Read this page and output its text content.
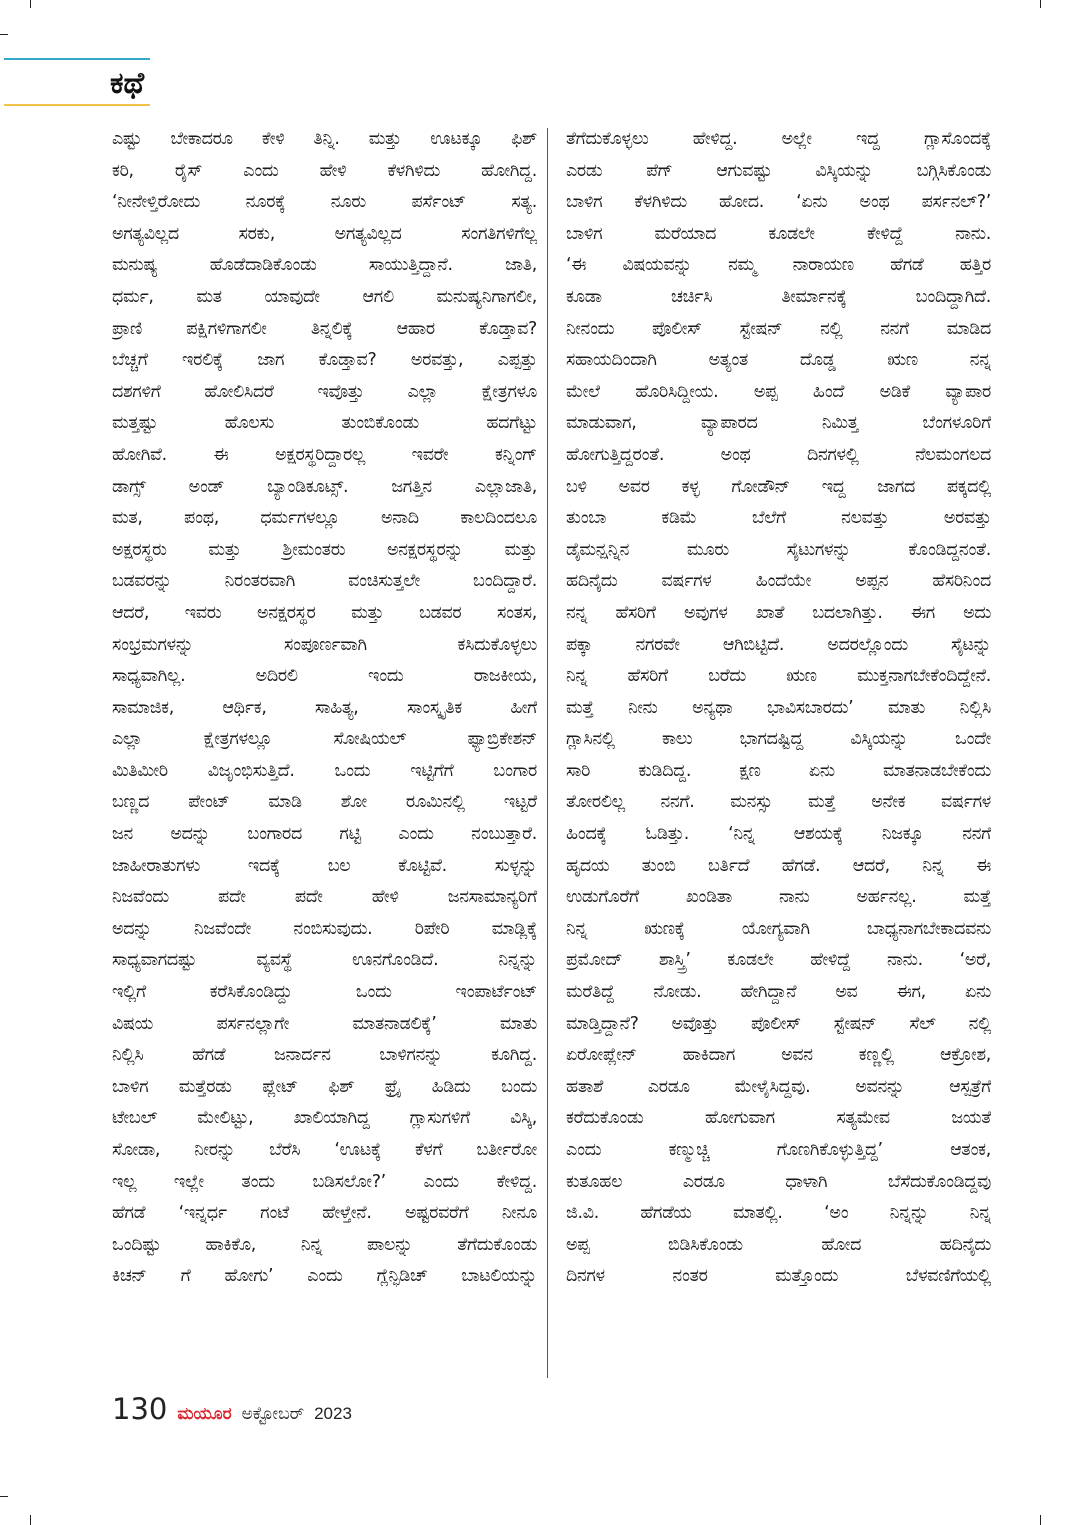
ಕಥೆ
ಎಷ್ಟು ಬೇಕಾದರೂ ಕೇಳಿ ತಿನ್ನಿ. ಮತ್ತು ಊಟಕ್ಕೂ ಫಿಶ್
ಕರಿ, ರೈಸ್ ಎಂದು ಹೇಳಿ ಕೆಳಗಿಳಿದು ಹೋಗಿದ್ದ.
‘ನೀನೇಳ್ತಿರೋದು ನೂರಕ್ಕೆ ನೂರು ಪರ್ಸೆಂಟ್ ಸತ್ಯ.
ಅಗತ್ಯವಿಲ್ಲದ ಸರಕು, ಅಗತ್ಯವಿಲ್ಲದ ಸಂಗತಿಗಳಿಗೆಲ್ಲ
ಮನುಷ್ಯ ಹೊಡೆದಾಡಿಕೊಂಡು ಸಾಯುತ್ತಿದ್ದಾನೆ. ಜಾತಿ,
ಧರ್ಮ, ಮತ ಯಾವುದೇ ಆಗಲಿ ಮನುಷ್ಯನಿಗಾಗಲೀ,
ಪ್ರಾಣಿ ಪಕ್ಷಿಗಳಿಗಾಗಲೀ ತಿನ್ನಲಿಕ್ಕೆ ಆಹಾರ ಕೊಡ್ತಾವ?
ಬೆಚ್ಚಗೆ ಇರಲಿಕ್ಕೆ ಜಾಗ ಕೊಡ್ತಾವ? ಅರವತ್ತು, ಎಪ್ಪತ್ತು
ದಶಗಳಿಗೆ ಹೋಲಿಸಿದರೆ ಇವೊತ್ತು ಎಲ್ಲಾ ಕ್ಷೇತ್ರಗಳೂ
ಮತ್ತಷ್ಟು ಹೊಲಸು ತುಂಬಿಕೊಂಡು ಹದಗೆಟ್ಟು
ಹೋಗಿವೆ. ಈ ಅಕ್ಷರಸ್ಥರಿದ್ದಾರಲ್ಲ ಇವರೇ ಕನ್ನಿಂಗ್
ಡಾಗ್ಸ್ ಅಂಡ್ ಬ್ಯಾಂಡಿಕೂಟ್ಸ್. ಜಗತ್ತಿನ ಎಲ್ಲಾಜಾತಿ,
ಮತ, ಪಂಥ, ಧರ್ಮಗಳಲ್ಲೂ ಅನಾದಿ ಕಾಲದಿಂದಲೂ
ಅಕ್ಷರಸ್ಥರು ಮತ್ತು ಶ್ರೀಮಂತರು ಅನಕ್ಷರಸ್ಥರನ್ನು ಮತ್ತು
ಬಡವರನ್ನು ನಿರಂತರವಾಗಿ ವಂಚಿಸುತ್ತಲೇ ಬಂದಿದ್ದಾರೆ.
ಆದರೆ, ಇವರು ಅನಕ್ಷರಸ್ಥರ ಮತ್ತು ಬಡವರ ಸಂತಸ,
ಸಂಭ್ರಮಗಳನ್ನು ಸಂಪೂರ್ಣವಾಗಿ ಕಸಿದುಕೊಳ್ಳಲು
ಸಾಧ್ಯವಾಗಿಲ್ಲ. ಅದಿರಲಿ ಇಂದು ರಾಜಕೀಯ,
ಸಾಮಾಜಿಕ, ಆರ್ಥಿಕ, ಸಾಹಿತ್ಯ, ಸಾಂಸ್ಕೃತಿಕ ಹೀಗೆ
ಎಲ್ಲಾ ಕ್ಷೇತ್ರಗಳಲ್ಲೂ ಸೋಷಿಯಲ್ ಫ್ಯಾಬ್ರಿಕೇಶನ್
ಮಿತಿಮೀರಿ ವಿಜೃಂಭಿಸುತ್ತಿದೆ. ಒಂದು ಇಟ್ಟಿಗೆಗೆ ಬಂಗಾರ
ಬಣ್ಣದ ಪೇಂಟ್ ಮಾಡಿ ಶೋ ರೂಮಿನಲ್ಲಿ ಇಟ್ಟರೆ
ಜನ ಅದನ್ನು ಬಂಗಾರದ ಗಟ್ಟಿ ಎಂದು ನಂಬುತ್ತಾರೆ.
ಜಾಹೀರಾತುಗಳು ಇದಕ್ಕೆ ಬಲ ಕೊಟ್ಟಿವೆ. ಸುಳ್ಳನ್ನು
ನಿಜವೆಂದು ಪದೇ ಪದೇ ಹೇಳಿ ಜನಸಾಮಾನ್ಯರಿಗೆ
ಅದನ್ನು ನಿಜವೆಂದೇ ನಂಬಿಸುವುದು. ರಿಪೇರಿ ಮಾಡ್ಲಿಕ್ಕೆ
ಸಾಧ್ಯವಾಗದಷ್ಟು ವ್ಯವಸ್ಥೆ ಊನಗೊಂಡಿದೆ. ನಿನ್ನನ್ನು
ಇಲ್ಲಿಗೆ ಕರೆಸಿಕೊಂಡಿದ್ದು ಒಂದು ಇಂಪಾರ್ಟೆಂಟ್
ವಿಷಯ ಪರ್ಸನಲ್ಲಾಗೇ ಮಾತನಾಡಲಿಕ್ಕೆ’ ಮಾತು
ನಿಲ್ಲಿಸಿ ಹೆಗಡೆ ಜನಾರ್ದನ ಬಾಳಿಗನನ್ನು ಕೂಗಿದ್ದ.
ಬಾಳಿಗ ಮತ್ತೆರಡು ಪ್ಲೇಟ್ ಫಿಶ್ ಫ್ರೈ ಹಿಡಿದು ಬಂದು
ಟೇಬಲ್ ಮೇಲಿಟ್ಟು, ಖಾಲಿಯಾಗಿದ್ದ ಗ್ಲಾಸುಗಳಿಗೆ ವಿಸ್ಕಿ,
ಸೋಡಾ, ನೀರನ್ನು ಬೆರೆಸಿ ‘ಊಟಕ್ಕೆ ಕೆಳಗೆ ಬರ್ತೀರೋ
ಇಲ್ಲ ಇಲ್ಲೇ ತಂದು ಬಡಿಸಲೋ?’ ಎಂದು ಕೇಳಿದ್ದ.
ಹೆಗಡೆ ‘ಇನ್ನರ್ಧ ಗಂಟೆ ಹೇಳ್ತೇನೆ. ಅಷ್ಟರವರೆಗೆ ನೀನೂ
ಒಂದಿಷ್ಟು ಹಾಕಿಕೊ, ನಿನ್ನ ಪಾಲನ್ನು ತೆಗೆದುಕೊಂಡು
ಕಿಚನ್ ಗೆ ಹೋಗು’ ಎಂದು ಗ್ಲೆನ್ಫಿಡಿಚ್ ಬಾಟಲಿಯನ್ನು
ತೆಗೆದುಕೊಳ್ಳಲು ಹೇಳಿದ್ದ. ಅಲ್ಲೇ ಇದ್ದ ಗ್ಲಾಸೊಂದಕ್ಕೆ
ಎರಡು ಪೆಗ್ ಆಗುವಷ್ಟು ವಿಸ್ಕಿಯನ್ನು ಬಗ್ಗಿಸಿಕೊಂಡು
ಬಾಳಿಗ ಕೆಳಗಿಳಿದು ಹೋದ. ‘ಏನು ಅಂಥ ಪರ್ಸನಲ್?’
ಬಾಳಿಗ ಮರೆಯಾದ ಕೂಡಲೇ ಕೇಳಿದ್ದೆ ನಾನು.
‘ಈ ವಿಷಯವನ್ನು ನಮ್ಮ ನಾರಾಯಣ ಹೆಗಡೆ ಹತ್ತಿರ
ಕೂಡಾ ಚರ್ಚಿಸಿ ತೀರ್ಮಾನಕ್ಕೆ ಬಂದಿದ್ದಾಗಿದೆ.
ನೀನಂದು ಪೊಲೀಸ್ ಸ್ಟೇಷನ್ ನಲ್ಲಿ ನನಗೆ ಮಾಡಿದ
ಸಹಾಯದಿಂದಾಗಿ ಅತ್ಯಂತ ದೊಡ್ಡ ಋಣ ನನ್ನ
ಮೇಲೆ ಹೊರಿಸಿದ್ದೀಯ. ಅಪ್ಪ ಹಿಂದೆ ಅಡಿಕೆ ವ್ಯಾಪಾರ
ಮಾಡುವಾಗ, ವ್ಯಾಪಾರದ ನಿಮಿತ್ತ ಬೆಂಗಳೂರಿಗೆ
ಹೋಗುತ್ತಿದ್ದರಂತೆ. ಅಂಥ ದಿನಗಳಲ್ಲಿ ನೆಲಮಂಗಲದ
ಬಳಿ ಅವರ ಕಳ್ಳ ಗೋಡೌನ್ ಇದ್ದ ಜಾಗದ ಪಕ್ಕದಲ್ಲಿ
ತುಂಬಾ ಕಡಿಮೆ ಬೆಲೆಗೆ ನಲವತ್ತು ಅರವತ್ತು
ಡೈಮನ್ಷನ್ನಿನ ಮೂರು ಸೈಟುಗಳನ್ನು ಕೊಂಡಿದ್ದನಂತೆ.
ಹದಿನೈದು ವರ್ಷಗಳ ಹಿಂದೆಯೇ ಅಪ್ಪನ ಹೆಸರಿನಿಂದ
ನನ್ನ ಹೆಸರಿಗೆ ಅವುಗಳ ಖಾತೆ ಬದಲಾಗಿತ್ತು. ಈಗ ಅದು
ಪಕ್ಕಾ ನಗರವೇ ಆಗಿಬಿಟ್ಟಿದೆ. ಅದರಲ್ಲೊಂದು ಸೈಟನ್ನು
ನಿನ್ನ ಹೆಸರಿಗೆ ಬರೆದು ಋಣ ಮುಕ್ತನಾಗಬೇಕೆಂದಿದ್ದೇನೆ.
ಮತ್ತೆ ನೀನು ಅನ್ಯಥಾ ಭಾವಿಸಬಾರದು’ ಮಾತು ನಿಲ್ಲಿಸಿ
ಗ್ಲಾಸಿನಲ್ಲಿ ಕಾಲು ಭಾಗದಷ್ಟಿದ್ದ ವಿಸ್ಕಿಯನ್ನು ಒಂದೇ
ಸಾರಿ ಕುಡಿದಿದ್ದ. ಕ್ಷಣ ಏನು ಮಾತನಾಡಬೇಕೆಂದು
ತೋರಲಿಲ್ಲ ನನಗೆ. ಮನಸ್ಸು ಮತ್ತೆ ಅನೇಕ ವರ್ಷಗಳ
ಹಿಂದಕ್ಕೆ ಓಡಿತ್ತು. ‘ನಿನ್ನ ಆಶಯಕ್ಕೆ ನಿಜಕ್ಕೂ ನನಗೆ
ಹೃದಯ ತುಂಬಿ ಬರ್ತಿದೆ ಹೆಗಡೆ. ಆದರೆ, ನಿನ್ನ ಈ
ಉಡುಗೊರೆಗೆ ಖಂಡಿತಾ ನಾನು ಅರ್ಹನಲ್ಲ. ಮತ್ತೆ
ನಿನ್ನ ಋಣಕ್ಕೆ ಯೋಗ್ಯವಾಗಿ ಬಾಧ್ಯನಾಗಬೇಕಾದವನು
ಪ್ರಮೋದ್ ಶಾಸ್ತ್ರಿ’ ಕೂಡಲೇ ಹೇಳಿದ್ದೆ ನಾನು. ‘ಅರೆ,
ಮರೆತಿದ್ದೆ ನೋಡು. ಹೇಗಿದ್ದಾನೆ ಅವ ಈಗ, ಏನು
ಮಾಡ್ತಿದ್ದಾನೆ? ಅವೊತ್ತು ಪೊಲೀಸ್ ಸ್ಟೇಷನ್ ಸೆಲ್ ನಲ್ಲಿ
ಏರೋಪ್ಲೇನ್ ಹಾಕಿದಾಗ ಅವನ ಕಣ್ಣಲ್ಲಿ ಆಕ್ರೋಶ,
ಹತಾಶೆ ಎರಡೂ ಮೇಳೈಸಿದ್ದವು. ಅವನನ್ನು ಆಸ್ಪತ್ರೆಗೆ
ಕರೆದುಕೊಂಡು ಹೋಗುವಾಗ ಸತ್ಯಮೇವ ಜಯತೆ
ಎಂದು ಕಣ್ಮುಚ್ಚಿ ಗೊಣಗಿಕೊಳ್ಳುತ್ತಿದ್ದ’ ಆತಂಕ,
ಕುತೂಹಲ ಎರಡೂ ಧಾಳಾಗಿ ಬೆಸೆದುಕೊಂಡಿದ್ದವು
ಜಿ.ವಿ. ಹೆಗಡೆಯ ಮಾತಲ್ಲಿ. ‘ಅಂ ನಿನ್ನನ್ನು ನಿನ್ನ
ಅಪ್ಪ ಬಿಡಿಸಿಕೊಂಡು ಹೋದ ಹದಿನೈದು
ದಿನಗಳ ನಂತರ ಮತ್ತೊಂದು ಬೆಳವಣಿಗೆಯಲ್ಲಿ
130 ಮಯೂರ ಅಕ್ಟೋಬರ್ 2023
